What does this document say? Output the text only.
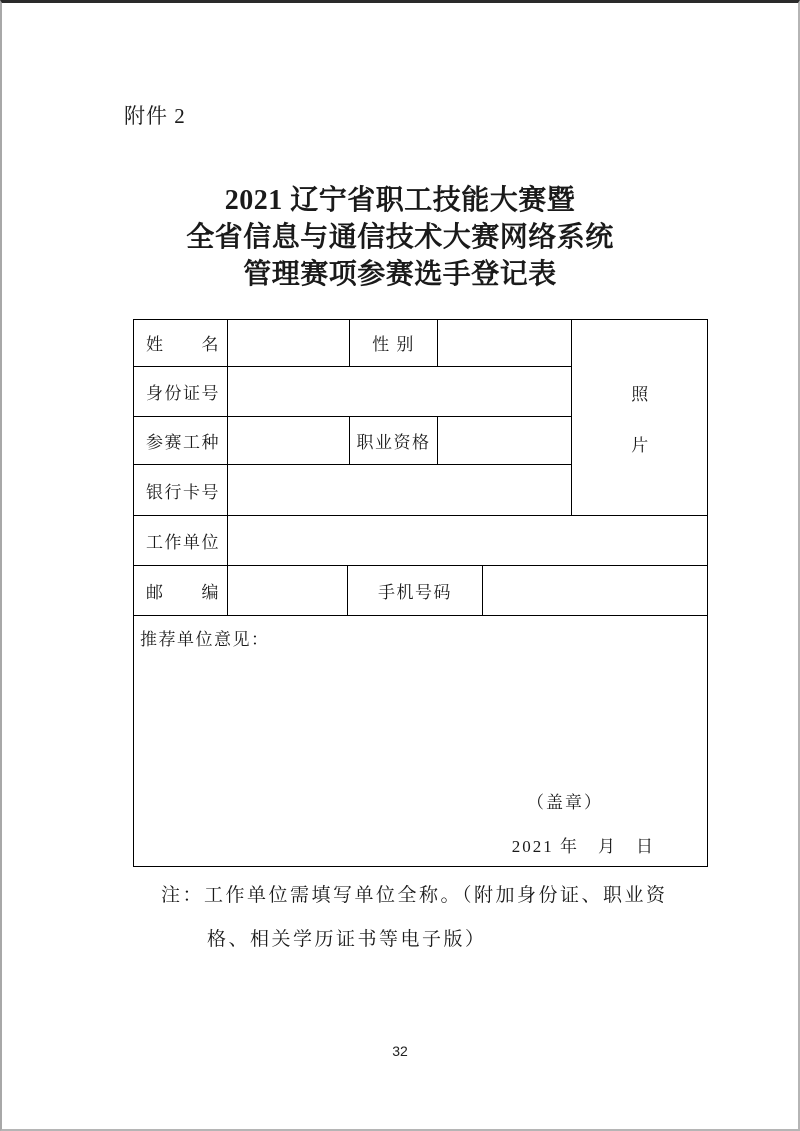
附件 2
2021 辽宁省职工技能大赛暨
全省信息与通信技术大赛网络系统
管理赛项参赛选手登记表
姓　　名	性 别
身份证号
参赛工种	职业资格
银行卡号
照
片
工作单位
邮　　编	手机号码
推荐单位意见：
（盖章）
2021 年　月　日
注：工作单位需填写单位全称。（附加身份证、职业资
格、相关学历证书等电子版）
32
